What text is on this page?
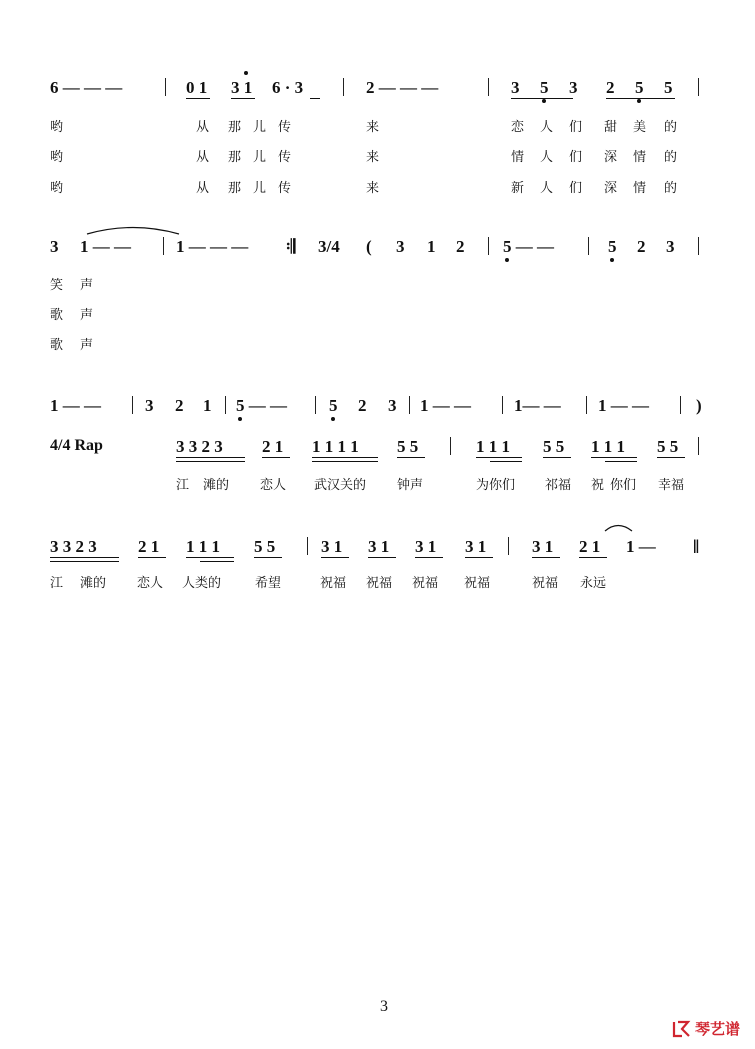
6 — — —	0 1 3 1 6 · 3	2 — — —	3 5 3 2 5 5
哟	从 那 儿 传	来	恋 人 们 甜 美 的
哟	从 那 儿 传	来	情 人 们 深 情 的
哟	从 那 儿 传	来	新 人 们 深 情 的
3 1 — —	1 — — — 𝄇 3/4 ( 3 1 2 5 — —	5 2 3
笑 声
歌 声
歌 声
1 — —	3 2 1 5 — — 5 2 3 1 — —	1— — 1 — —	)
4/4 Rap	3 3 2 3 2 1 1 1 1 1 5 5	1 1 1 5 5 1 1 1 5 5
江 滩的 恋人 武汉关的 钟声	为你们 祁福 祝 你们 幸福
3 3 2 3 2 1 1 1 1 5 5	3 1 3 1 3 1 3 1	3 1 2 1 1 — ‖
江 滩的 恋人 人类的	希望	祝福 祝福 祝福 祝福	祝福 永远
3
琴艺谱
